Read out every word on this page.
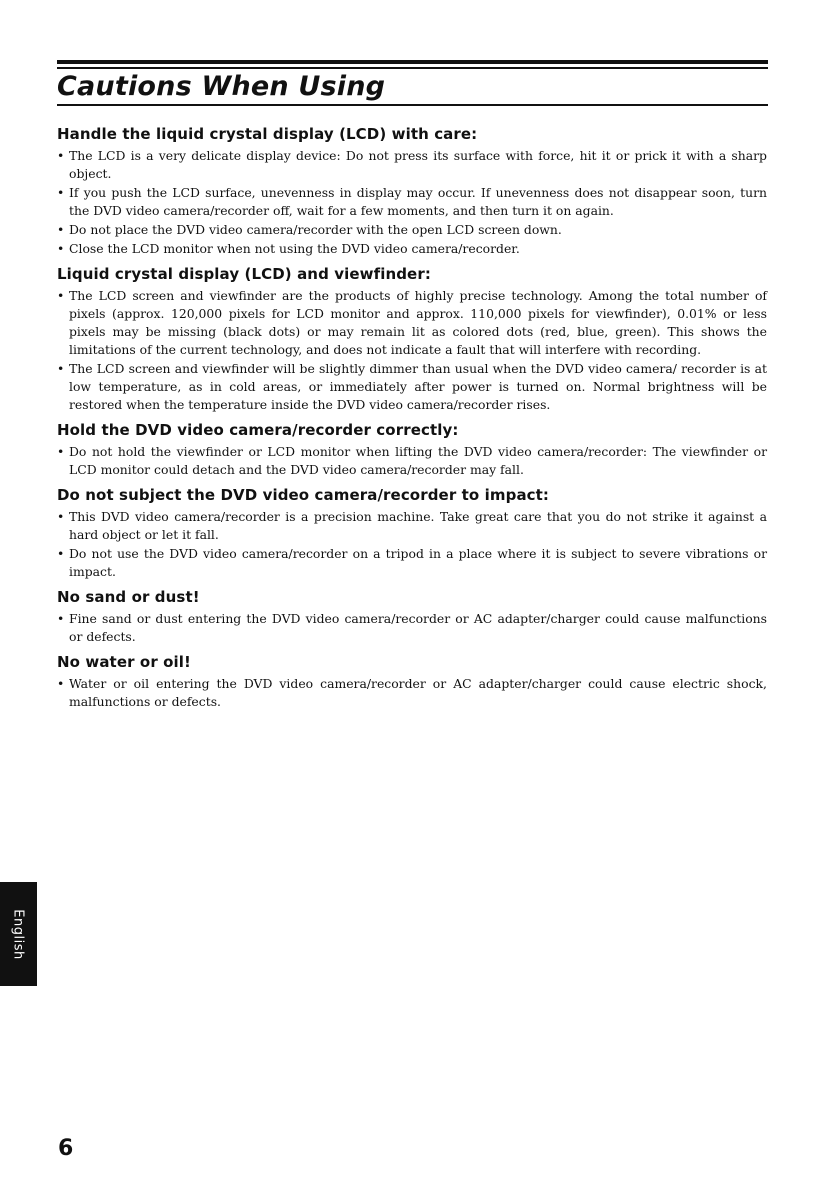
Cautions When Using
Handle the liquid crystal display (LCD) with care:
• The LCD is a very delicate display device: Do not press its surface with force, hit it or prick it with a sharp object.
• If you push the LCD surface, unevenness in display may occur. If unevenness does not disappear soon, turn the DVD video camera/recorder off, wait for a few moments, and then turn it on again.
• Do not place the DVD video camera/recorder with the open LCD screen down.
• Close the LCD monitor when not using the DVD video camera/recorder.
Liquid crystal display (LCD) and viewfinder:
• The LCD screen and viewfinder are the products of highly precise technology. Among the total number of pixels (approx. 120,000 pixels for LCD monitor and approx. 110,000 pixels for viewfinder), 0.01% or less pixels may be missing (black dots) or may remain lit as colored dots (red, blue, green). This shows the limitations of the current technology, and does not indicate a fault that will interfere with recording.
• The LCD screen and viewfinder will be slightly dimmer than usual when the DVD video camera/ recorder is at low temperature, as in cold areas, or immediately after power is turned on. Normal brightness will be restored when the temperature inside the DVD video camera/recorder rises.
Hold the DVD video camera/recorder correctly:
• Do not hold the viewfinder or LCD monitor when lifting the DVD video camera/recorder: The viewfinder or LCD monitor could detach and the DVD video camera/recorder may fall.
Do not subject the DVD video camera/recorder to impact:
• This DVD video camera/recorder is a precision machine. Take great care that you do not strike it against a hard object or let it fall.
• Do not use the DVD video camera/recorder on a tripod in a place where it is subject to severe vibrations or impact.
No sand or dust!
• Fine sand or dust entering the DVD video camera/recorder or AC adapter/charger could cause malfunctions or defects.
No water or oil!
• Water or oil entering the DVD video camera/recorder or AC adapter/charger could cause electric shock, malfunctions or defects.
English

6
